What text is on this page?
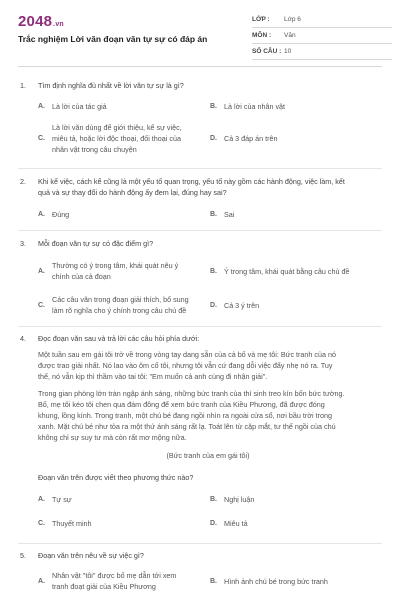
2048.vn
Trắc nghiệm Lời văn đoạn văn tự sự có đáp án
LỚP :	Lớp 6
MÔN :	Văn
SỐ CÂU : 10
1.	Tìm định nghĩa đủ nhất về lời văn tự sự là gì?
A. Là lời của tác giả	B. Là lời của nhân vật
C.
Là lời văn dùng để giới thiệu, kể sự việc,
miêu tả, hoặc lời độc thoại, đối thoại của
nhân vật trong câu chuyện
D. Cả 3 đáp án trên
2.	Khi kể việc, cách kể cũng là một yếu tố quan trọng, yếu tố này gồm các hành động, việc làm, kết
quả và sự thay đổi do hành động ấy đem lại, đúng hay sai?
A. Đúng	B. Sai
3.	Mỗi đoạn văn tự sự có đặc điểm gì?
A.
Thường có ý trong tâm, khái quát nêu ý
chính của cả đoạn
B. Ý trong tâm, khái quát bằng câu chủ đề
C.
Các câu văn trong đoạn giải thích, bổ sung
làm rõ nghĩa cho ý chính trong câu chủ đề
D. Cả 3 ý trên
4.	Đọc đoạn văn sau và trả lời các câu hỏi phía dưới:
Một tuần sau em gái tôi trở về trong vòng tay dang sẵn của cả bố và mẹ tôi: Bức tranh của nó
được trao giải nhất. Nó lao vào ôm cổ tôi, nhưng tôi vẫn cứ đang dỗi việc đẩy nhẹ nó ra. Tuy
thế, nó vẫn kịp thì thầm vào tai tôi: "Em muốn cả anh cùng đi nhận giải".
Trong gian phòng lớn tràn ngập ánh sáng, những bức tranh của thí sinh treo kín bốn bức tường.
Bố, mẹ tôi kéo tôi chen qua đám đông để xem bức tranh của Kiều Phương, đã được đóng
khung, lồng kính. Trong tranh, một chú bé đang ngồi nhìn ra ngoài cửa sổ, nơi bầu trời trong
xanh. Mặt chú bé như tỏa ra một thứ ánh sáng rất lạ. Toát lên từ cặp mắt, tư thế ngồi của chú
không chỉ sự suy tư mà còn rất mơ mộng nữa.
(Bức tranh của em gái tôi)
Đoạn văn trên được viết theo phương thức nào?
A. Tự sự	B. Nghị luận
C. Thuyết minh	D. Miêu tả
5.	Đoạn văn trên nêu về sự việc gì?
A.
Nhân vật "tôi" được bố mẹ dẫn tới xem
tranh đoạt giải của Kiều Phương
B. Hình ảnh chú bé trong bức tranh
